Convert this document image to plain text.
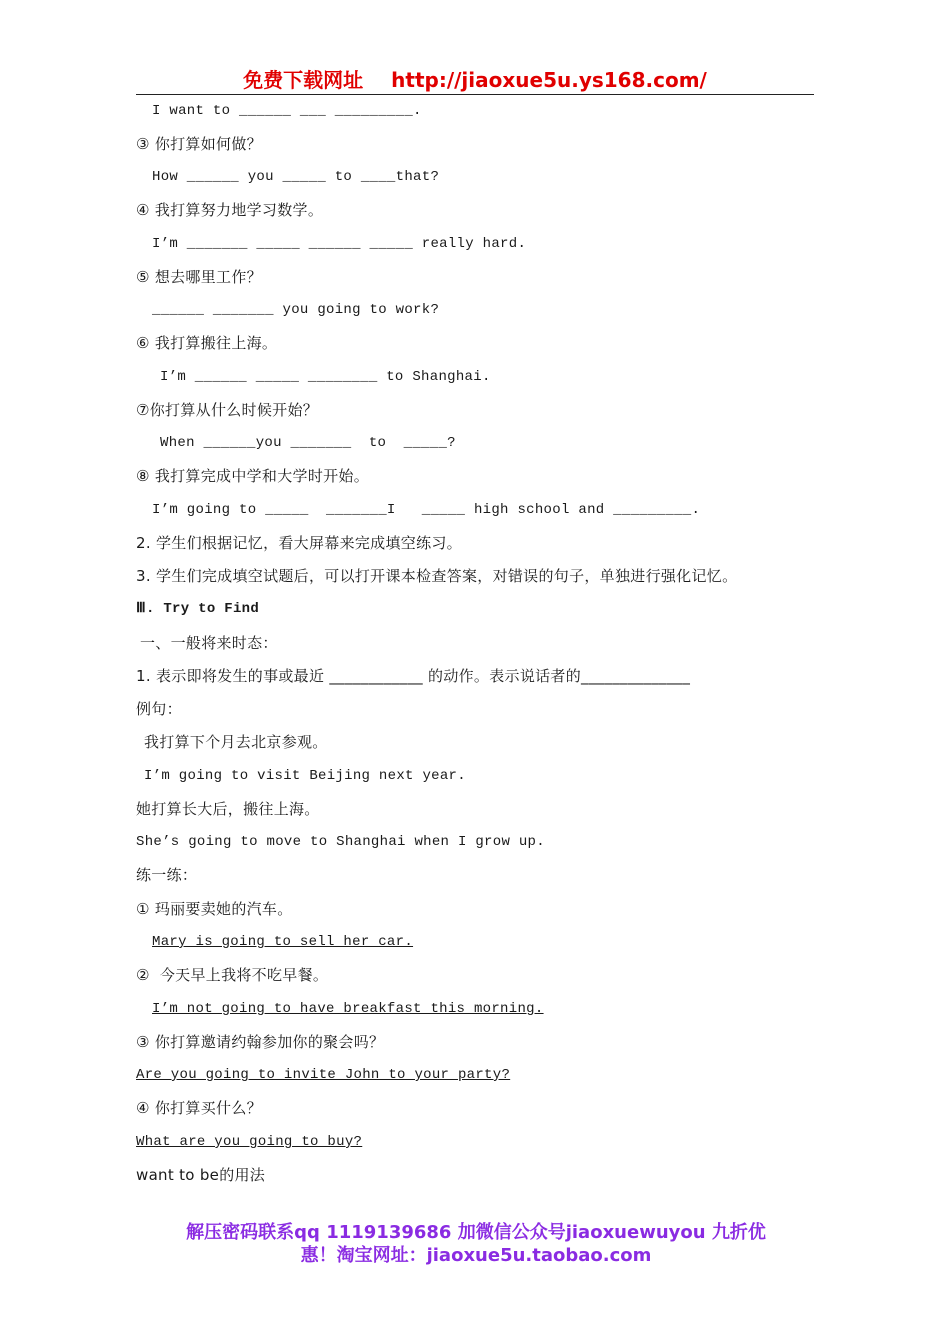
免费下载网址 http://jiaoxue5u.ys168.com/
I want to ______ ___ _________.
③ 你打算如何做？
How ______ you _____ to ____that?
④ 我打算努力地学习数学。
I’m _______ _____ ______ _____ really hard.
⑤ 想去哪里工作？
______ _______ you going to work?
⑥ 我打算搬往上海。
I’m ______ _____ ________ to Shanghai.
⑦你打算从什么时候开始？
When ______you _______  to  _____?
⑧ 我打算完成中学和大学时开始。
I’m going to _____  _______I   _____ high school and _________.
2. 学生们根据记忆，看大屏幕来完成填空练习。
3. 学生们完成填空试题后，可以打开课本检查答案，对错误的句子，单独进行强化记忆。
Ⅲ. Try to Find
一、一般将来时态：
1. 表示即将发生的事或最近 ____________ 的动作。表示说话者的______________
例句：
我打算下个月去北京参观。
I’m going to visit Beijing next year.
她打算长大后，搬往上海。
She’s going to move to Shanghai when I grow up.
练一练：
① 玛丽要卖她的汽车。
Mary is going to sell her car.
②  今天早上我将不吃早餐。
I’m not going to have breakfast this morning.
③ 你打算邀请约翰参加你的聚会吗？
Are you going to invite John to your party?
④ 你打算买什么？
What are you going to buy?
want to be的用法
解压密码联系qq 1119139686 加微信公众号jiaoxuewuyou 九折优
惠！淘宝网址：jiaoxue5u.taobao.com
